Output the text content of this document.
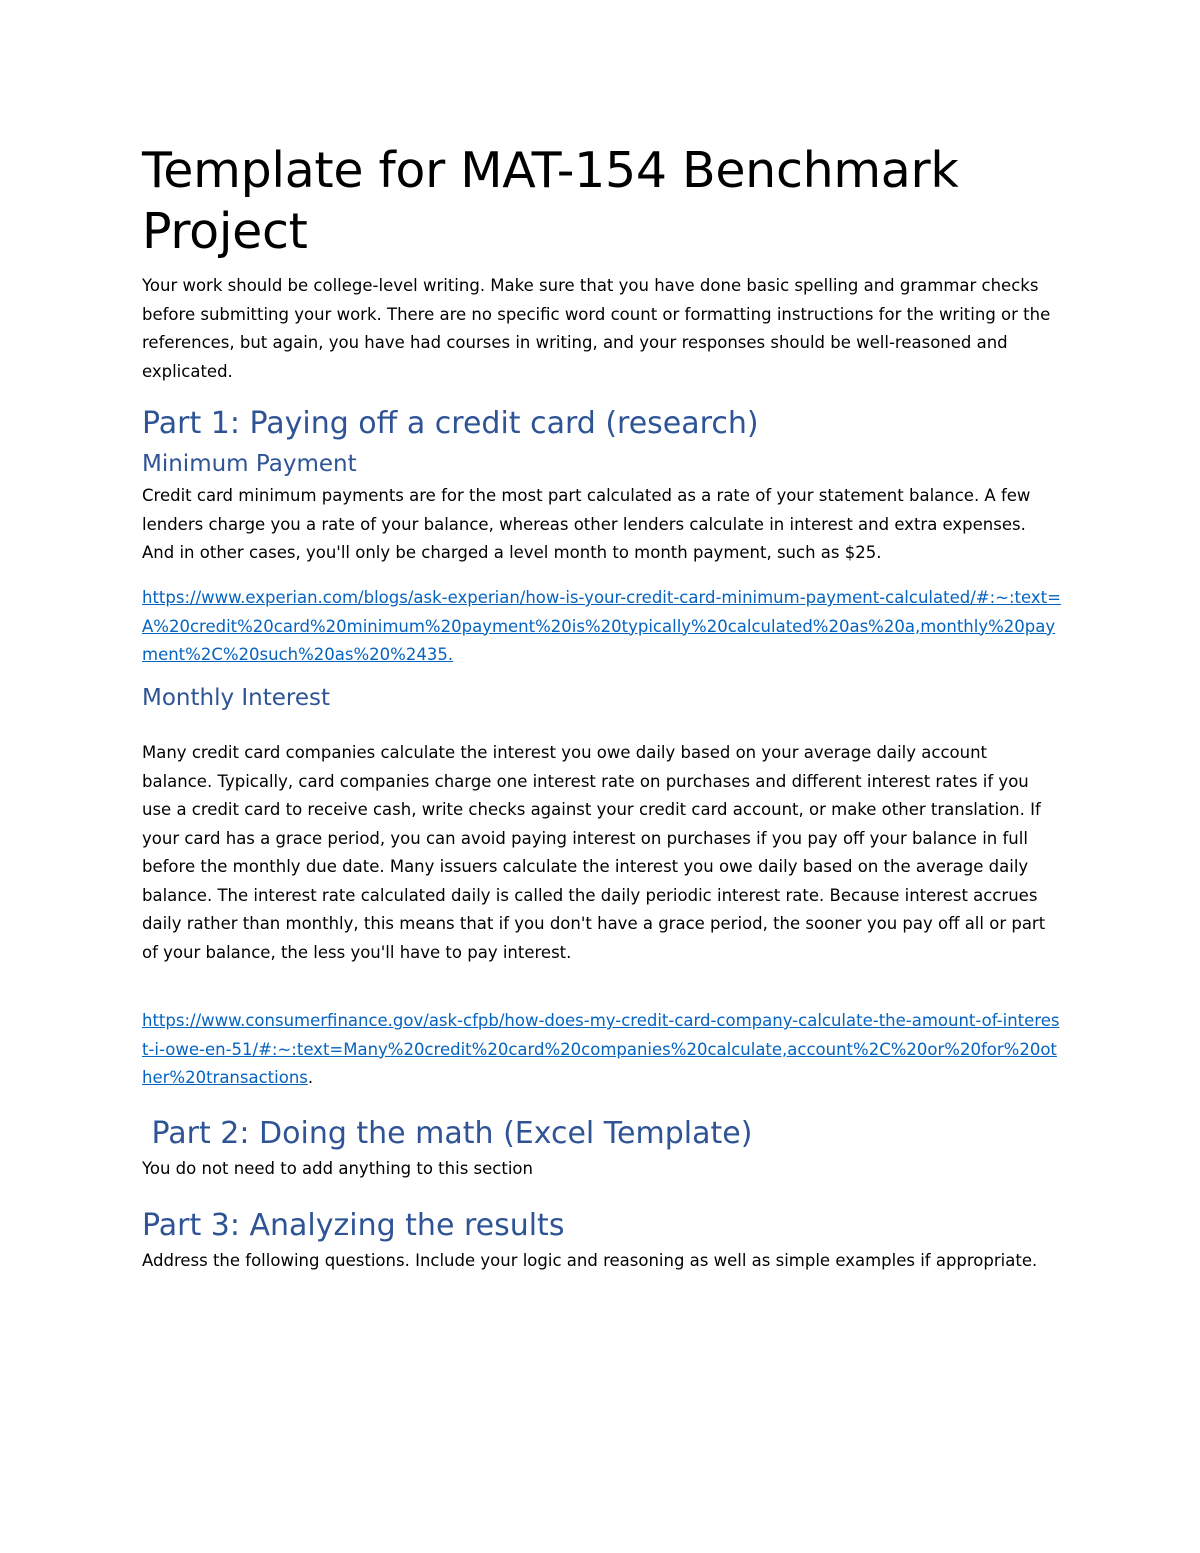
Template for MAT-154 Benchmark Project

Your work should be college-level writing. Make sure that you have done basic spelling and grammar checks before submitting your work. There are no specific word count or formatting instructions for the writing or the references, but again, you have had courses in writing, and your responses should be well-reasoned and explicated.

Part 1: Paying off a credit card (research)
Minimum Payment

Credit card minimum payments are for the most part calculated as a rate of your statement balance. A few lenders charge you a rate of your balance, whereas other lenders calculate in interest and extra expenses. And in other cases, you'll only be charged a level month to month payment, such as $25.

https://www.experian.com/blogs/ask-experian/how-is-your-credit-card-minimum-payment-calculated/#:~:text=A%20credit%20card%20minimum%20payment%20is%20typically%20calculated%20as%20a,monthly%20payment%2C%20such%20as%20%2435.
Monthly Interest

Many credit card companies calculate the interest you owe daily based on your average daily account balance. Typically, card companies charge one interest rate on purchases and different interest rates if you use a credit card to receive cash, write checks against your credit card account, or make other translation. If your card has a grace period, you can avoid paying interest on purchases if you pay off your balance in full before the monthly due date. Many issuers calculate the interest you owe daily based on the average daily balance. The interest rate calculated daily is called the daily periodic interest rate. Because interest accrues daily rather than monthly, this means that if you don't have a grace period, the sooner you pay off all or part of your balance, the less you'll have to pay interest.

https://www.consumerfinance.gov/ask-cfpb/how-does-my-credit-card-company-calculate-the-amount-of-interest-i-owe-en-51/#:~:text=Many%20credit%20card%20companies%20calculate,account%2C%20or%20for%20other%20transactions.

Part 2: Doing the math (Excel Template)

You do not need to add anything to this section

Part 3: Analyzing the results

Address the following questions. Include your logic and reasoning as well as simple examples if appropriate.
